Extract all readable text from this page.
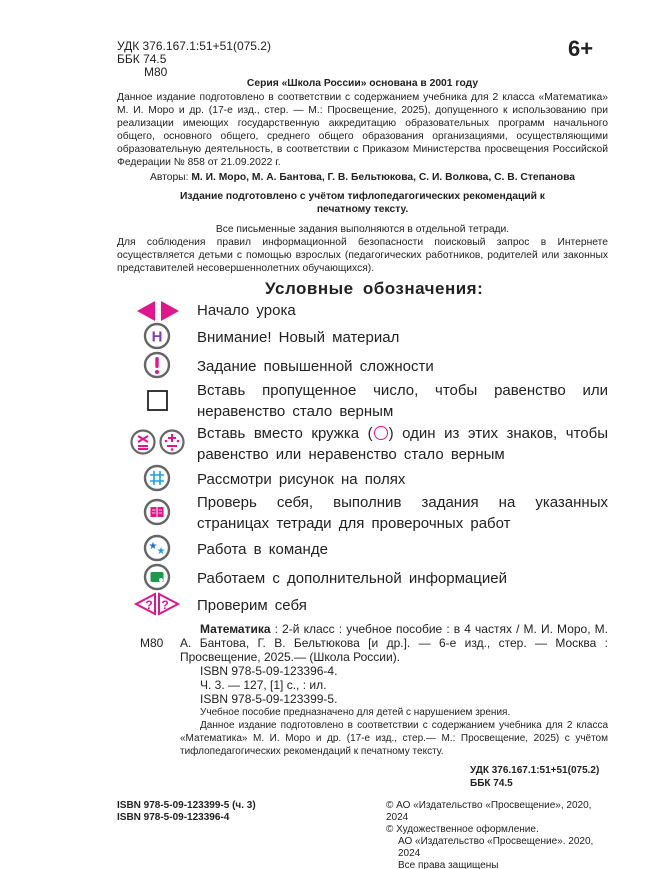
УДК 376.167.1:51+51(075.2)
ББК 74.5
М80
6+
Серия «Школа России» основана в 2001 году
Данное издание подготовлено в соответствии с содержанием учебника для 2 класса «Математика» М. И. Моро и др. (17-е изд., стер. — М.: Просвещение, 2025), допущенного к использованию при реализации имеющих государственную аккредитацию образовательных программ начального общего, основного общего, среднего общего образования организациями, осуществляющими образовательную деятельность, в соответствии с Приказом Министерства просвещения Российской Федерации № 858 от 21.09.2022 г.
Авторы: М. И. Моро, М. А. Бантова, Г. В. Бельтюкова, С. И. Волкова, С. В. Степанова
Издание подготовлено с учётом тифлопедагогических рекомендаций к печатному тексту.
Все письменные задания выполняются в отдельной тетради.
Для соблюдения правил информационной безопасности поисковый запрос в Интернете осуществляется детьми с помощью взрослых (педагогических работников, родителей или законных представителей несовершеннолетних обучающихся).
Условные обозначения:
Начало урока
H Внимание! Новый материал
Задание повышенной сложности
Вставь пропущенное число, чтобы равенство или неравенство стало верным
Вставь вместо кружка ( ) один из этих знаков, чтобы равенство или неравенство стало верным
Рассмотри рисунок на полях
Проверь себя, выполнив задания на указанных страницах тетради для проверочных работ
★ ★ Работа в команде
Работаем с дополнительной информацией
? ? Проверим себя
М80
Математика : 2-й класс : учебное пособие : в 4 частях / М. И. Моро, М. А. Бантова, Г. В. Бельтюкова [и др.]. — 6-е изд., стер. — Москва : Просвещение, 2025.— (Школа России).
ISBN 978-5-09-123396-4.
Ч. 3. — 127, [1] с., : ил.
ISBN 978-5-09-123399-5.
Учебное пособие предназначено для детей с нарушением зрения.
Данное издание подготовлено в соответствии с содержанием учебника для 2 класса «Математика» М. И. Моро и др. (17-е изд., стер.— М.: Просвещение, 2025) с учётом тифлопедагогических рекомендаций к печатному тексту.
УДК 376.167.1:51+51(075.2)
ББК 74.5
ISBN 978-5-09-123399-5 (ч. 3)
ISBN 978-5-09-123396-4
© АО «Издательство «Просвещение», 2020, 2024
© Художественное оформление.
АО «Издательство «Просвещение». 2020, 2024
Все права защищены
